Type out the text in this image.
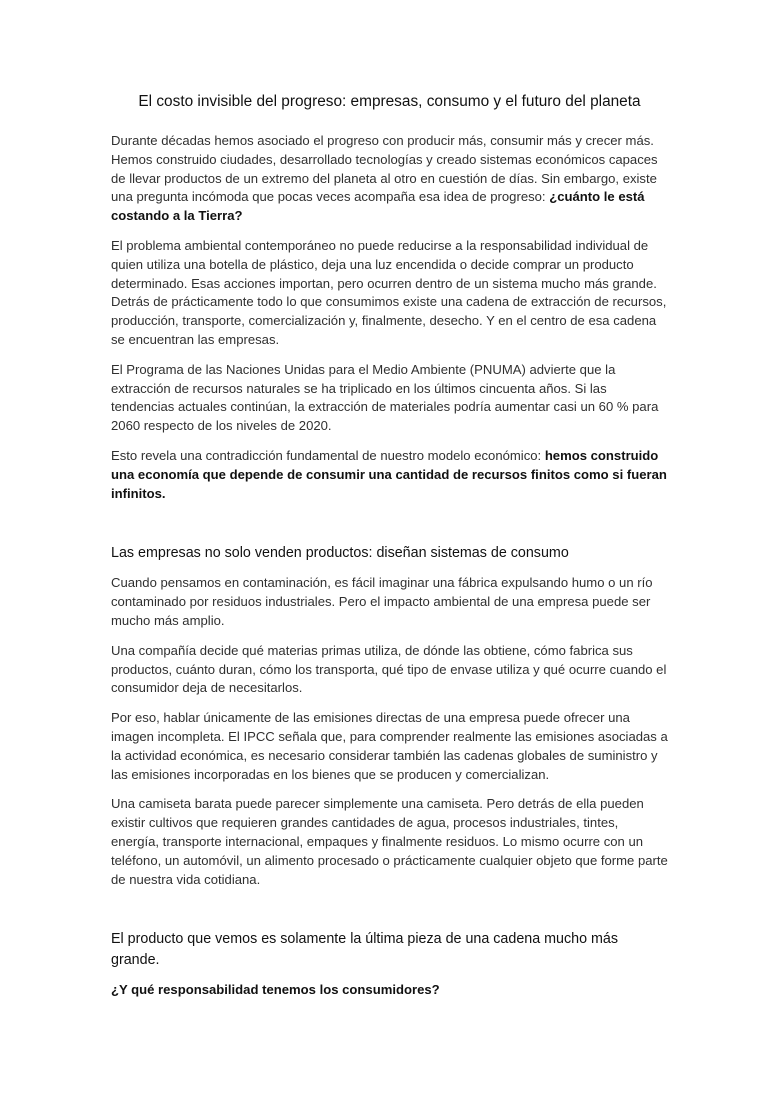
El costo invisible del progreso: empresas, consumo y el futuro del planeta

Durante décadas hemos asociado el progreso con producir más, consumir más y crecer más. Hemos construido ciudades, desarrollado tecnologías y creado sistemas económicos capaces de llevar productos de un extremo del planeta al otro en cuestión de días. Sin embargo, existe una pregunta incómoda que pocas veces acompaña esa idea de progreso: ¿cuánto le está costando a la Tierra?

El problema ambiental contemporáneo no puede reducirse a la responsabilidad individual de quien utiliza una botella de plástico, deja una luz encendida o decide comprar un producto determinado. Esas acciones importan, pero ocurren dentro de un sistema mucho más grande. Detrás de prácticamente todo lo que consumimos existe una cadena de extracción de recursos, producción, transporte, comercialización y, finalmente, desecho. Y en el centro de esa cadena se encuentran las empresas.

El Programa de las Naciones Unidas para el Medio Ambiente (PNUMA) advierte que la extracción de recursos naturales se ha triplicado en los últimos cincuenta años. Si las tendencias actuales continúan, la extracción de materiales podría aumentar casi un 60 % para 2060 respecto de los niveles de 2020.

Esto revela una contradicción fundamental de nuestro modelo económico: hemos construido una economía que depende de consumir una cantidad de recursos finitos como si fueran infinitos.

Las empresas no solo venden productos: diseñan sistemas de consumo

Cuando pensamos en contaminación, es fácil imaginar una fábrica expulsando humo o un río contaminado por residuos industriales. Pero el impacto ambiental de una empresa puede ser mucho más amplio.

Una compañía decide qué materias primas utiliza, de dónde las obtiene, cómo fabrica sus productos, cuánto duran, cómo los transporta, qué tipo de envase utiliza y qué ocurre cuando el consumidor deja de necesitarlos.

Por eso, hablar únicamente de las emisiones directas de una empresa puede ofrecer una imagen incompleta. El IPCC señala que, para comprender realmente las emisiones asociadas a la actividad económica, es necesario considerar también las cadenas globales de suministro y las emisiones incorporadas en los bienes que se producen y comercializan.

Una camiseta barata puede parecer simplemente una camiseta. Pero detrás de ella pueden existir cultivos que requieren grandes cantidades de agua, procesos industriales, tintes, energía, transporte internacional, empaques y finalmente residuos. Lo mismo ocurre con un teléfono, un automóvil, un alimento procesado o prácticamente cualquier objeto que forme parte de nuestra vida cotidiana.

El producto que vemos es solamente la última pieza de una cadena mucho más grande.
¿Y qué responsabilidad tenemos los consumidores?
